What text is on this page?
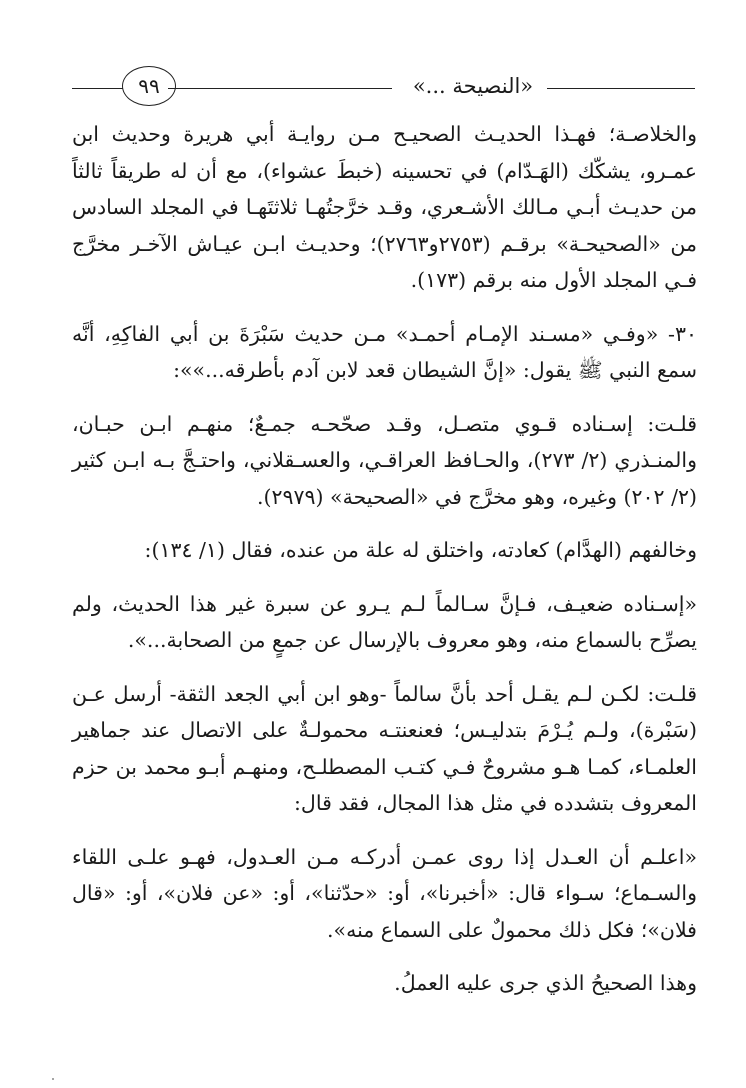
٩٩	«النصيحة ...»

والخلاصـة؛ فهـذا الحديـث الصحيـح مـن روايـة أبي هريرة وحديث ابن عمـرو، يشكّك (الهَـدّام) في تحسينه (خبطَ عشواء)، مع أن له طريقاً ثالثاً من حديـث أبـي مـالك الأشـعري، وقـد خرَّجتُهـا ثلاثتَهـا في المجلد السادس من «الصحيحـة» برقـم (٢٧٥٣و٢٧٦٣)؛ وحديـث ابـن عيـاش الآخـر مخرَّج فـي المجلد الأول منه برقم (١٧٣).

٣٠- «وفـي «مسـند الإمـام أحمـد» مـن حديث سَبْرَةَ بن أبي الفاكِهِ، أنَّه سمع النبي ﷺ يقول: «إنَّ الشيطان قعد لابن آدم بأطرقه...»»:

قلـت: إسـناده قـوي متصـل، وقـد صحّحـه جمـعٌ؛ منهـم ابـن حبـان، والمنـذري (٢/ ٢٧٣)، والحـافظ العراقـي، والعسـقلاني، واحتـجَّ بـه ابـن كثير (٢/ ٢٠٢) وغيره، وهو مخرَّج في «الصحيحة» (٢٩٧٩).

وخالفهم (الهدَّام) كعادته، واختلق له علة من عنده، فقال (١/ ١٣٤):

«إسـناده ضعيـف، فـإنَّ سـالماً لـم يـرو عن سبرة غير هذا الحديث، ولم يصرِّح بالسماع منه، وهو معروف بالإرسال عن جمعٍ من الصحابة...».

قلـت: لكـن لـم يقـل أحد بأنَّ سالماً -وهو ابن أبي الجعد الثقة- أرسل عـن (سَبْرة)، ولـم يُـرْمَ بتدليـس؛ فعنعنتـه محمولـةٌ على الاتصال عند جماهير العلمـاء، كمـا هـو مشروحٌ فـي كتـب المصطلـح، ومنهـم أبـو محمد بن حزم المعروف بتشدده في مثل هذا المجال، فقد قال:

«اعلـم أن العـدل إذا روى عمـن أدركـه مـن العـدول، فهـو علـى اللقاء والسـماع؛ سـواء قال: «أخبرنا»، أو: «حدّثنا»، أو: «عن فلان»، أو: «قال فلان»؛ فكل ذلك محمولٌ على السماع منه».

وهذا الصحيحُ الذي جرى عليه العملُ.
